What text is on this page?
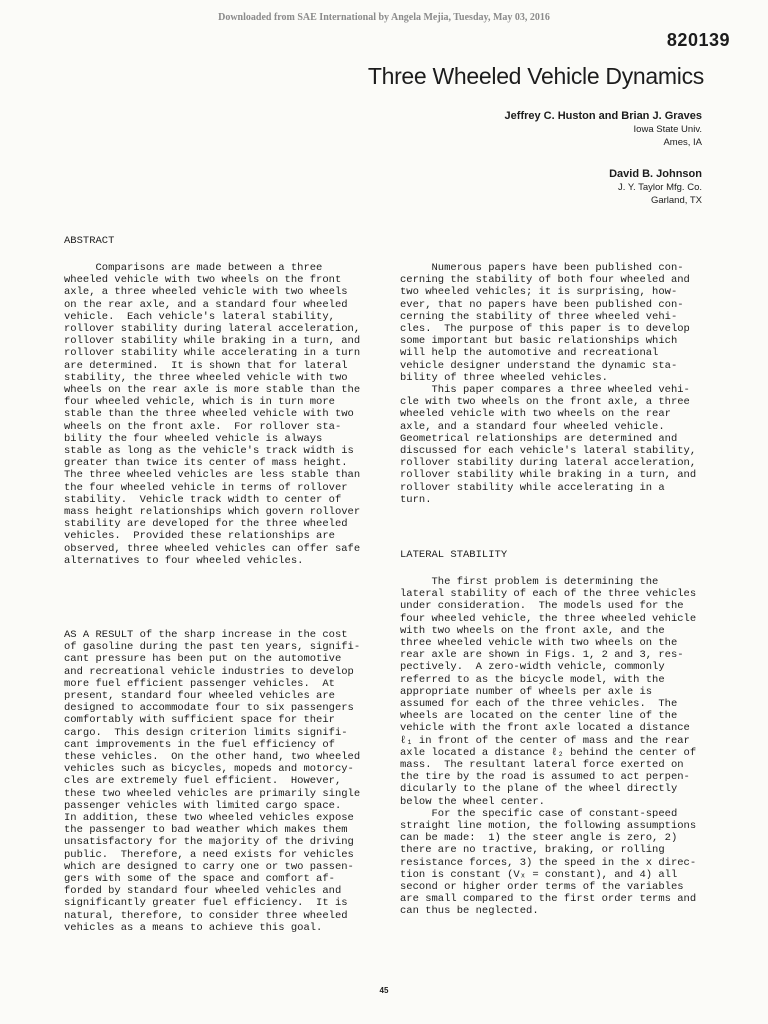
Downloaded from SAE International by Angela Mejia, Tuesday, May 03, 2016
820139
Three Wheeled Vehicle Dynamics
Jeffrey C. Huston and Brian J. Graves
Iowa State Univ.
Ames, IA
David B. Johnson
J. Y. Taylor Mfg. Co.
Garland, TX
ABSTRACT
Comparisons are made between a three
wheeled vehicle with two wheels on the front
axle, a three wheeled vehicle with two wheels
on the rear axle, and a standard four wheeled
vehicle.  Each vehicle's lateral stability,
rollover stability during lateral acceleration,
rollover stability while braking in a turn, and
rollover stability while accelerating in a turn
are determined.  It is shown that for lateral
stability, the three wheeled vehicle with two
wheels on the rear axle is more stable than the
four wheeled vehicle, which is in turn more
stable than the three wheeled vehicle with two
wheels on the front axle.  For rollover sta-
bility the four wheeled vehicle is always
stable as long as the vehicle's track width is
greater than twice its center of mass height.
The three wheeled vehicles are less stable than
the four wheeled vehicle in terms of rollover
stability.  Vehicle track width to center of
mass height relationships which govern rollover
stability are developed for the three wheeled
vehicles.  Provided these relationships are
observed, three wheeled vehicles can offer safe
alternatives to four wheeled vehicles.
AS A RESULT of the sharp increase in the cost
of gasoline during the past ten years, signifi-
cant pressure has been put on the automotive
and recreational vehicle industries to develop
more fuel efficient passenger vehicles.  At
present, standard four wheeled vehicles are
designed to accommodate four to six passengers
comfortably with sufficient space for their
cargo.  This design criterion limits signifi-
cant improvements in the fuel efficiency of
these vehicles.  On the other hand, two wheeled
vehicles such as bicycles, mopeds and motorcy-
cles are extremely fuel efficient.  However,
these two wheeled vehicles are primarily single
passenger vehicles with limited cargo space.
In addition, these two wheeled vehicles expose
the passenger to bad weather which makes them
unsatisfactory for the majority of the driving
public.  Therefore, a need exists for vehicles
which are designed to carry one or two passen-
gers with some of the space and comfort af-
forded by standard four wheeled vehicles and
significantly greater fuel efficiency.  It is
natural, therefore, to consider three wheeled
vehicles as a means to achieve this goal.
Numerous papers have been published con-
cerning the stability of both four wheeled and
two wheeled vehicles; it is surprising, how-
ever, that no papers have been published con-
cerning the stability of three wheeled vehi-
cles.  The purpose of this paper is to develop
some important but basic relationships which
will help the automotive and recreational
vehicle designer understand the dynamic sta-
bility of three wheeled vehicles.
This paper compares a three wheeled vehi-
cle with two wheels on the front axle, a three
wheeled vehicle with two wheels on the rear
axle, and a standard four wheeled vehicle.
Geometrical relationships are determined and
discussed for each vehicle's lateral stability,
rollover stability during lateral acceleration,
rollover stability while braking in a turn, and
rollover stability while accelerating in a
turn.
LATERAL STABILITY
The first problem is determining the
lateral stability of each of the three vehicles
under consideration.  The models used for the
four wheeled vehicle, the three wheeled vehicle
with two wheels on the front axle, and the
three wheeled vehicle with two wheels on the
rear axle are shown in Figs. 1, 2 and 3, res-
pectively.  A zero-width vehicle, commonly
referred to as the bicycle model, with the
appropriate number of wheels per axle is
assumed for each of the three vehicles.  The
wheels are located on the center line of the
vehicle with the front axle located a distance
ℓ₁ in front of the center of mass and the rear
axle located a distance ℓ₂ behind the center of
mass.  The resultant lateral force exerted on
the tire by the road is assumed to act perpen-
dicularly to the plane of the wheel directly
below the wheel center.
For the specific case of constant-speed
straight line motion, the following assumptions
can be made:  1) the steer angle is zero, 2)
there are no tractive, braking, or rolling
resistance forces, 3) the speed in the x direc-
tion is constant (Vₓ = constant), and 4) all
second or higher order terms of the variables
are small compared to the first order terms and
can thus be neglected.
45
